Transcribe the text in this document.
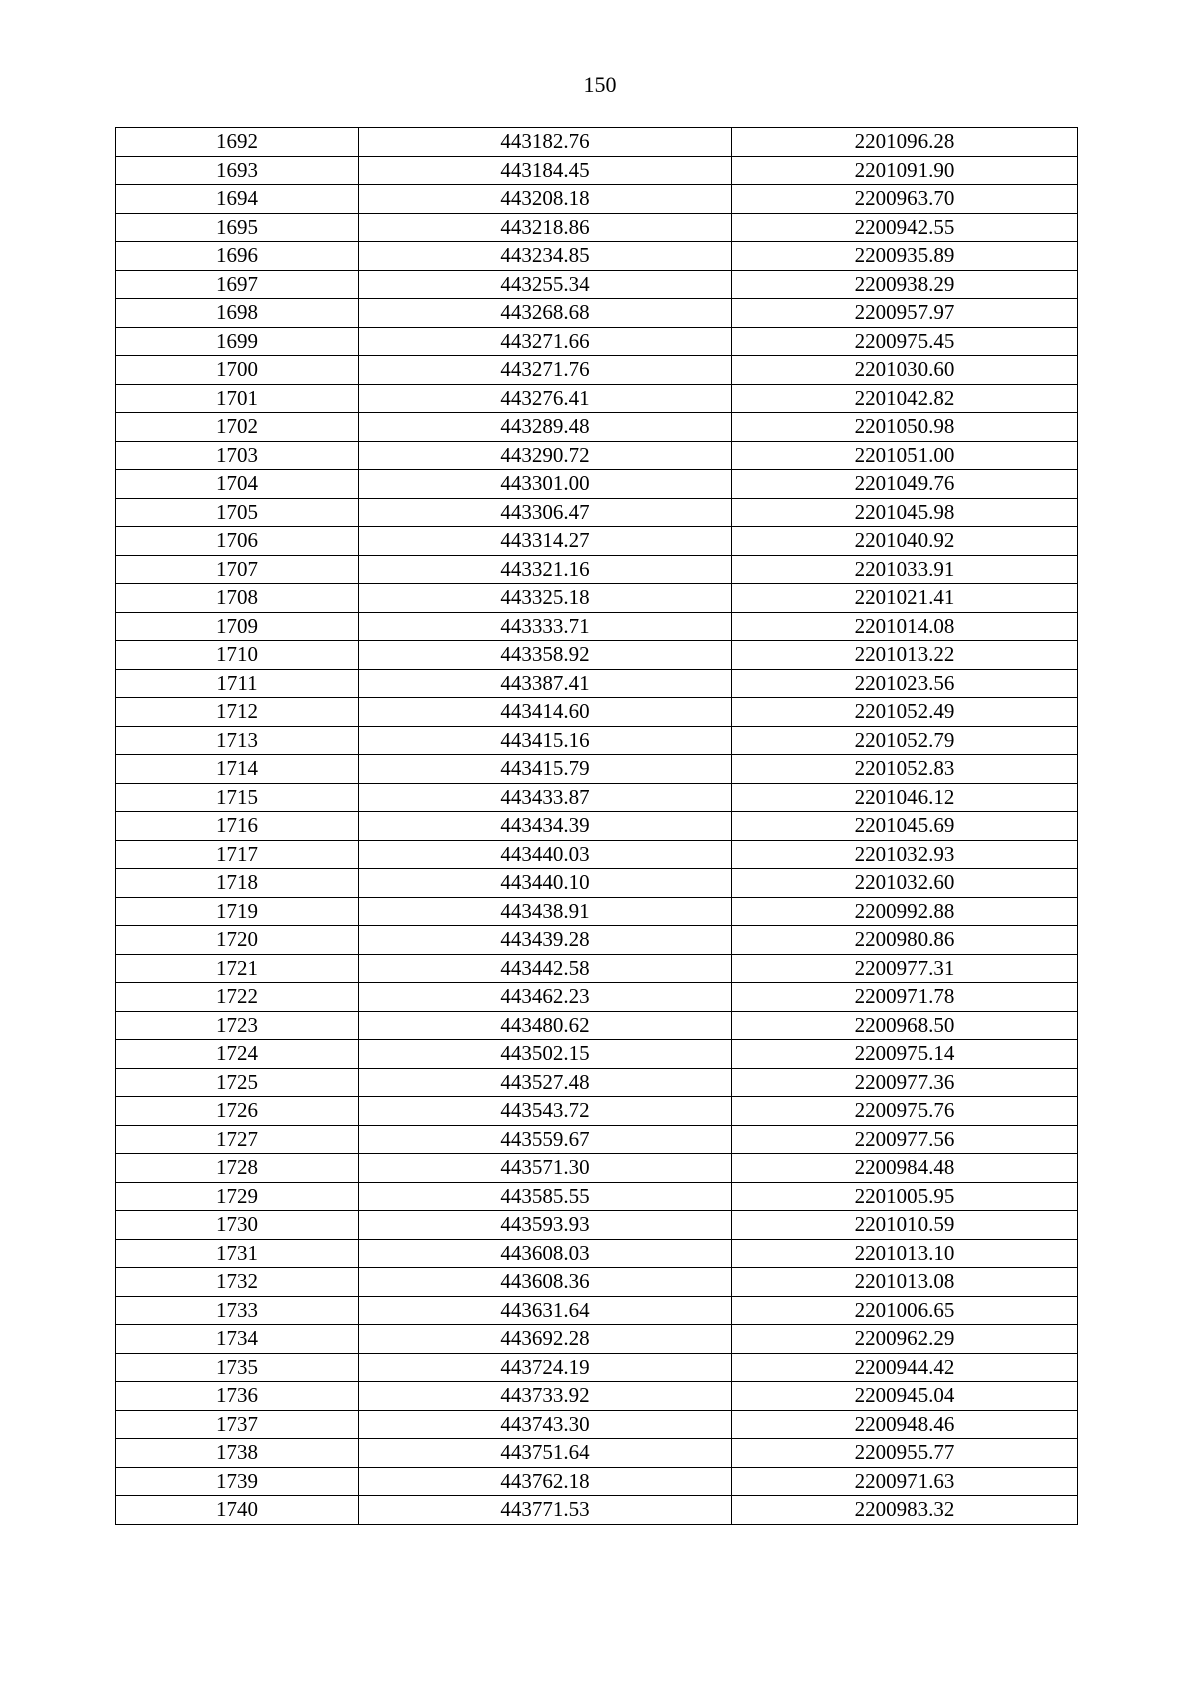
150
1692	443182.76	2201096.28
1693	443184.45	2201091.90
1694	443208.18	2200963.70
1695	443218.86	2200942.55
1696	443234.85	2200935.89
1697	443255.34	2200938.29
1698	443268.68	2200957.97
1699	443271.66	2200975.45
1700	443271.76	2201030.60
1701	443276.41	2201042.82
1702	443289.48	2201050.98
1703	443290.72	2201051.00
1704	443301.00	2201049.76
1705	443306.47	2201045.98
1706	443314.27	2201040.92
1707	443321.16	2201033.91
1708	443325.18	2201021.41
1709	443333.71	2201014.08
1710	443358.92	2201013.22
1711	443387.41	2201023.56
1712	443414.60	2201052.49
1713	443415.16	2201052.79
1714	443415.79	2201052.83
1715	443433.87	2201046.12
1716	443434.39	2201045.69
1717	443440.03	2201032.93
1718	443440.10	2201032.60
1719	443438.91	2200992.88
1720	443439.28	2200980.86
1721	443442.58	2200977.31
1722	443462.23	2200971.78
1723	443480.62	2200968.50
1724	443502.15	2200975.14
1725	443527.48	2200977.36
1726	443543.72	2200975.76
1727	443559.67	2200977.56
1728	443571.30	2200984.48
1729	443585.55	2201005.95
1730	443593.93	2201010.59
1731	443608.03	2201013.10
1732	443608.36	2201013.08
1733	443631.64	2201006.65
1734	443692.28	2200962.29
1735	443724.19	2200944.42
1736	443733.92	2200945.04
1737	443743.30	2200948.46
1738	443751.64	2200955.77
1739	443762.18	2200971.63
1740	443771.53	2200983.32
